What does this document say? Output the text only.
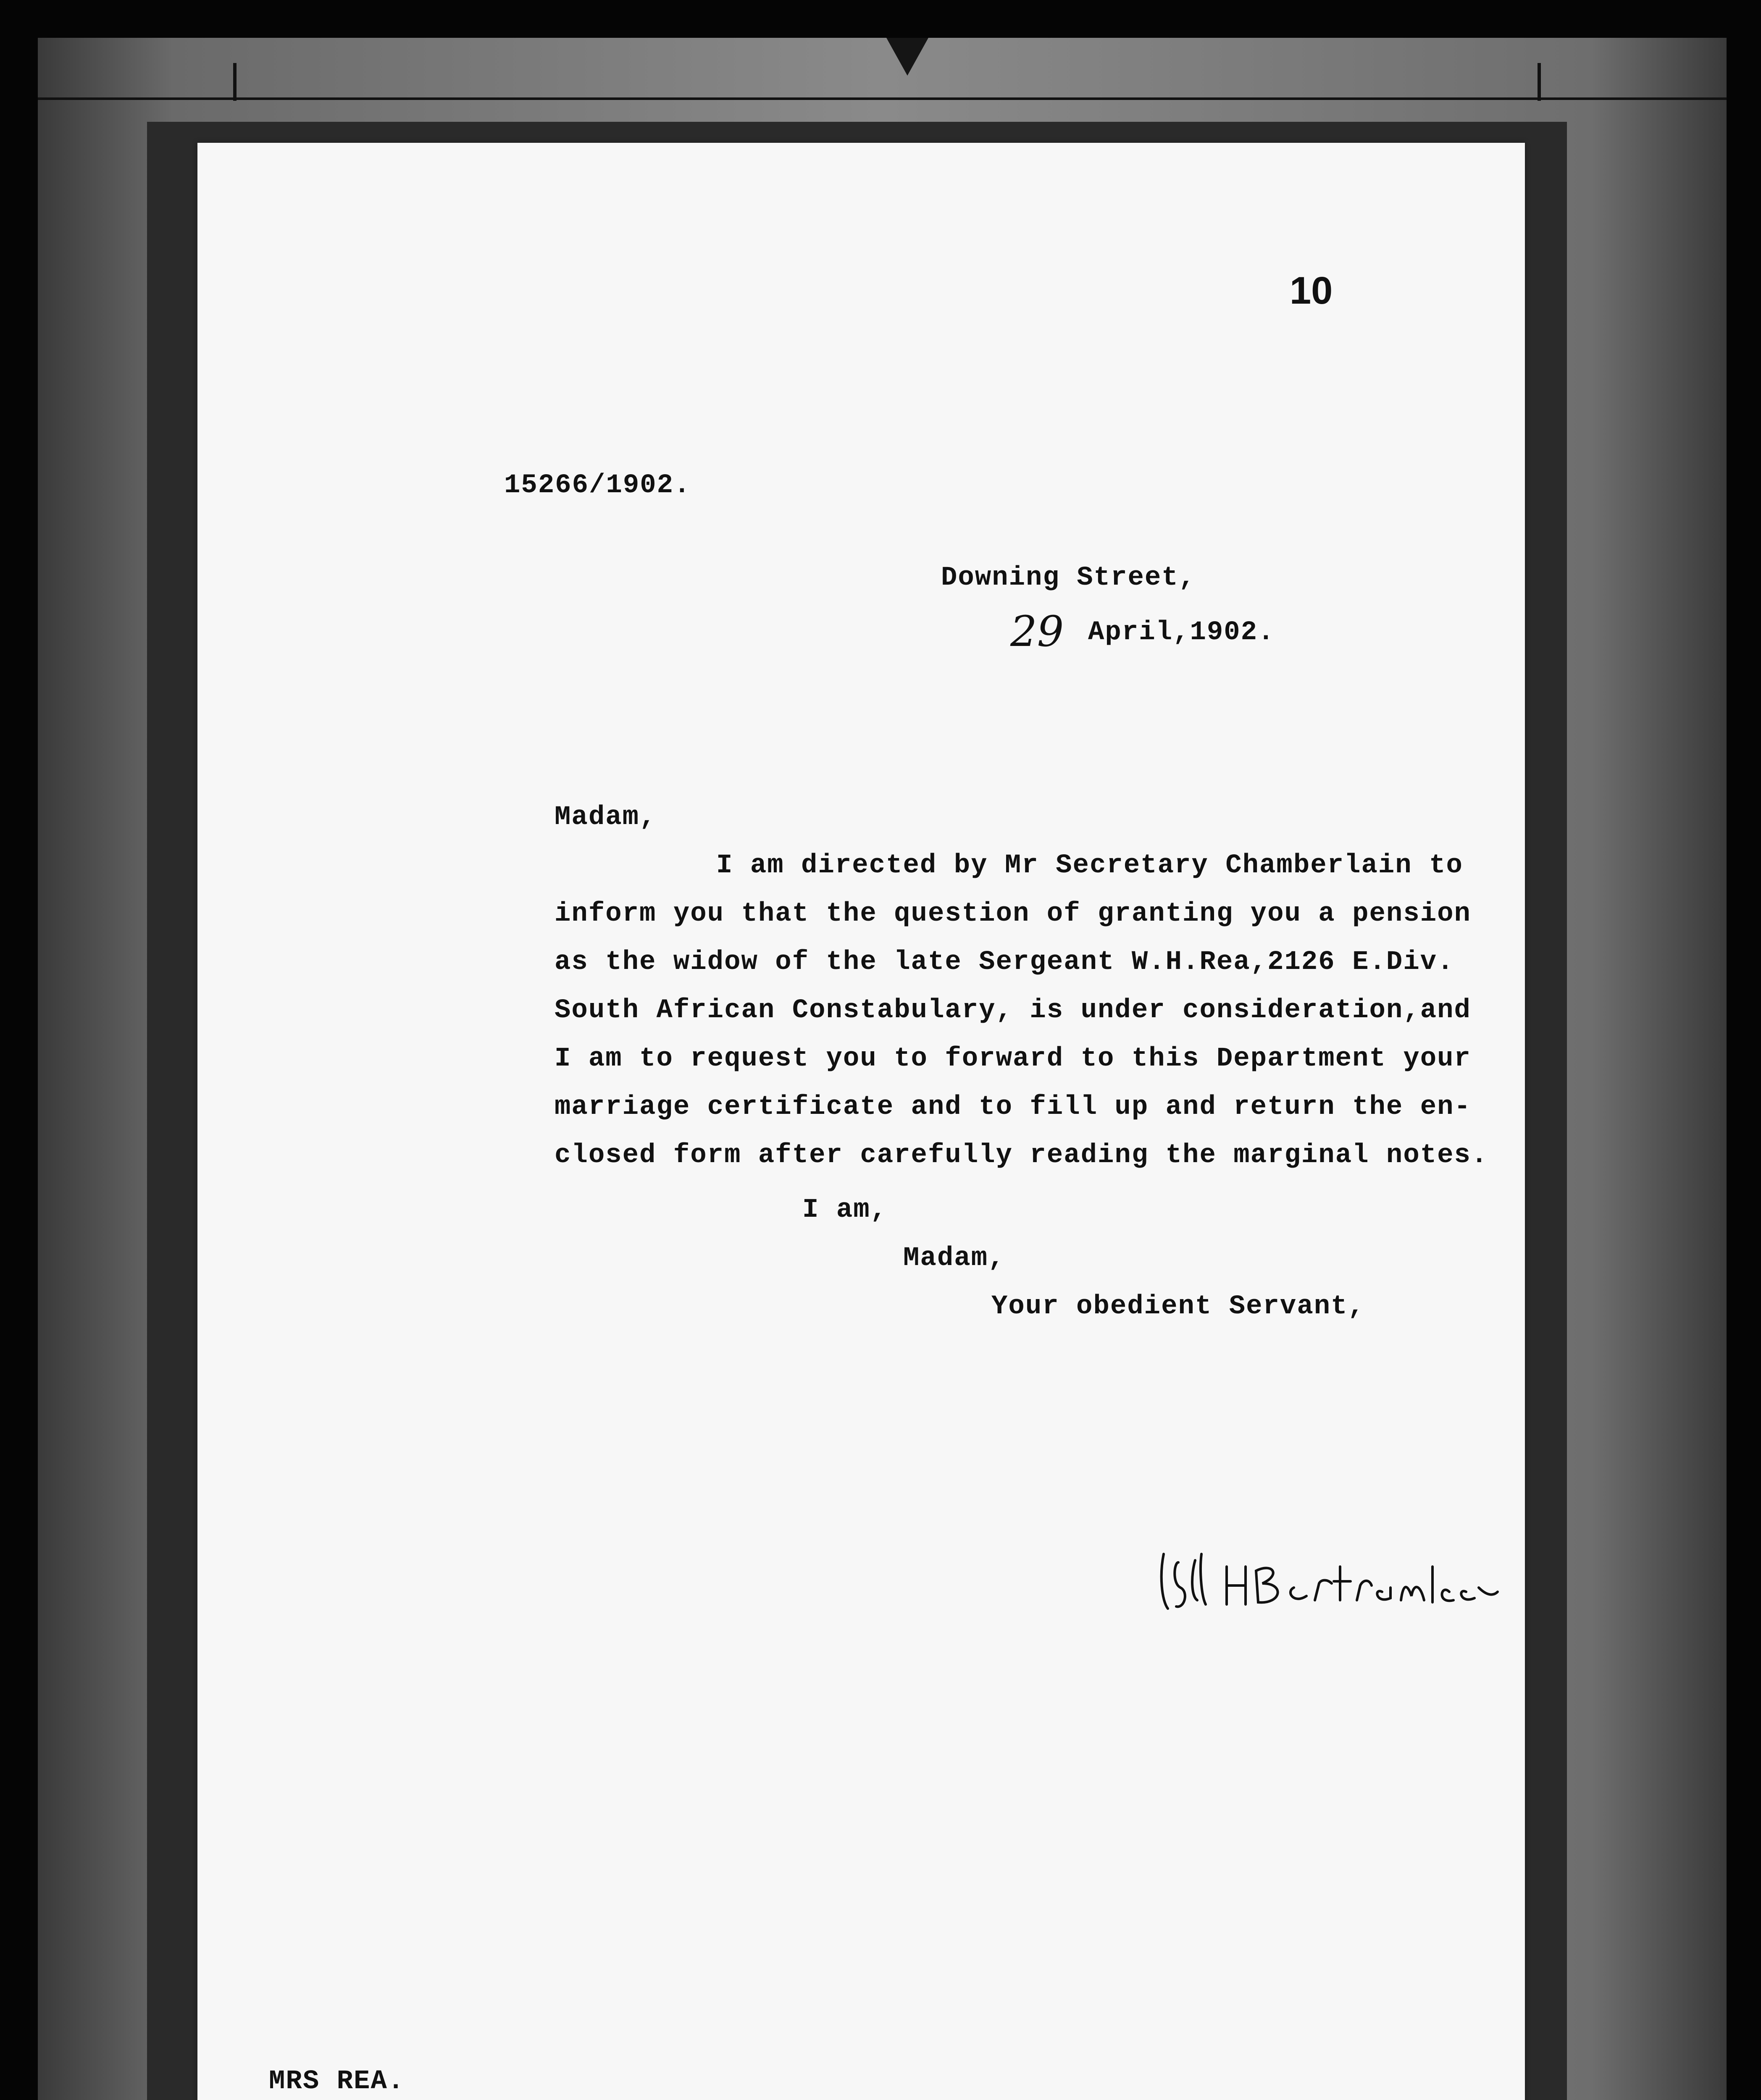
10
15266/1902.
Downing Street,
29 April,1902.
Madam,
I am directed by Mr Secretary Chamberlain to
inform you that the question of granting you a pension
as the widow of the late Sergeant W.H.Rea,2126 E.Div.
South African Constabulary, is under consideration,and
I am to request you to forward to this Department your
marriage certificate and to fill up and return the en-
closed form after carefully reading the marginal notes.
I am,
Madam,
Your obedient Servant,
MRS REA.
